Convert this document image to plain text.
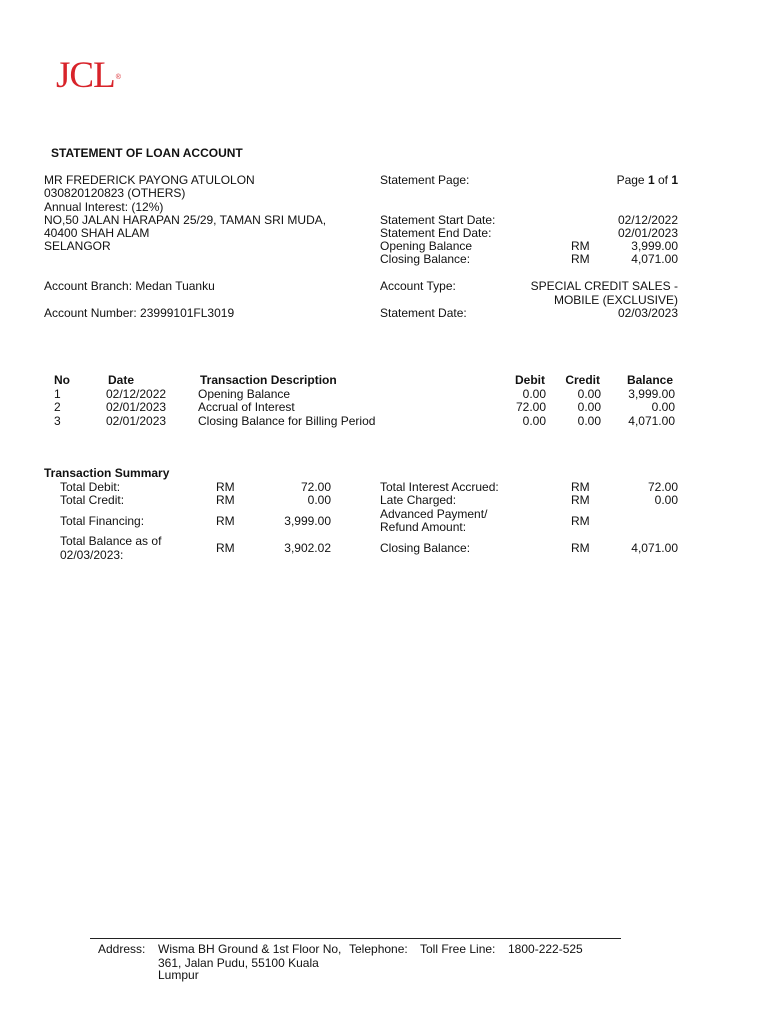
JCL®
STATEMENT OF LOAN ACCOUNT
MR FREDERICK PAYONG ATULOLON
030820120823 (OTHERS)
Annual Interest: (12%)
NO,50 JALAN HARAPAN 25/29, TAMAN SRI MUDA,
40400 SHAH ALAM
SELANGOR
Account Branch: Medan Tuanku
Account Number: 23999101FL3019
Statement Page:	Page 1 of 1
Statement Start Date:	02/12/2022
Statement End Date:	02/01/2023
Opening Balance	RM	3,999.00
Closing Balance:	RM	4,071.00
Account Type:	SPECIAL CREDIT SALES -
MOBILE (EXCLUSIVE)
Statement Date:	02/03/2023
No	Date	Transaction Description	Debit Credit Balance
1	02/12/2022	Opening Balance	0.00	0.00 3,999.00
2	02/01/2023	Accrual of Interest	72.00	0.00	0.00
3	02/01/2023	Closing Balance for Billing Period	0.00	0.00 4,071.00
Transaction Summary
Total Debit:	RM	72.00
Total Credit:	RM	0.00
Total Financing:	RM	3,999.00
Total Balance as of
02/03/2023:	RM	3,902.02
Total Interest Accrued:	RM	72.00
Late Charged:	RM	0.00
Advanced Payment/
Refund Amount:	RM
Closing Balance:	RM	4,071.00
Address: Wisma BH Ground & 1st Floor No,
361, Jalan Pudu, 55100 Kuala
Lumpur
Telephone: Toll Free Line: 1800-222-525
